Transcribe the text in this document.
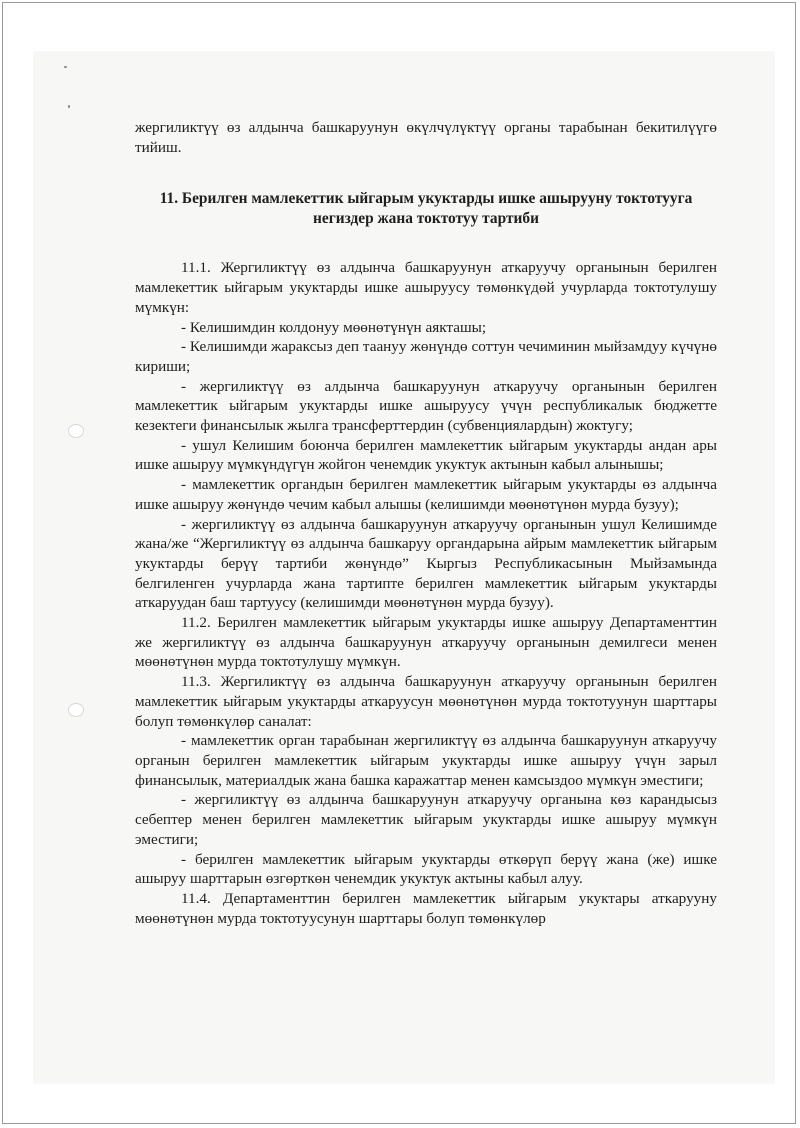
жергиликтүү өз алдынча башкаруунун өкүлчүлүктүү органы тарабынан бекитилүүгө тийиш.

11. Берилген мамлекеттик ыйгарым укуктарды ишке ашырууну токтотууга негиздер жана токтотуу тартиби

11.1. Жергиликтүү өз алдынча башкаруунун аткаруучу органынын берилген мамлекеттик ыйгарым укуктарды ишке ашыруусу төмөнкүдөй учурларда токтотулушу мүмкүн:

- Келишимдин колдонуу мөөнөтүнүн аякташы;

- Келишимди жараксыз деп таануу жөнүндө соттун чечиминин мыйзамдуу күчүнө кириши;

- жергиликтүү өз алдынча башкаруунун аткаруучу органынын берилген мамлекеттик ыйгарым укуктарды ишке ашыруусу үчүн республикалык бюджетте кезектеги финансылык жылга трансферттердин (субвенциялардын) жоктугу;

- ушул Келишим боюнча берилген мамлекеттик ыйгарым укуктарды андан ары ишке ашыруу мүмкүндүгүн жойгон ченемдик укуктук актынын кабыл алынышы;

- мамлекеттик органдын берилген мамлекеттик ыйгарым укуктарды өз алдынча ишке ашыруу жөнүндө чечим кабыл алышы (келишимди мөөнөтүнөн мурда бузуу);

- жергиликтүү өз алдынча башкаруунун аткаруучу органынын ушул Келишимде жана/же “Жергиликтүү өз алдынча башкаруу органдарына айрым мамлекеттик ыйгарым укуктарды берүү тартиби жөнүндө” Кыргыз Республикасынын Мыйзамында белгиленген учурларда жана тартипте берилген мамлекеттик ыйгарым укуктарды аткаруудан баш тартуусу (келишимди мөөнөтүнөн мурда бузуу).

11.2. Берилген мамлекеттик ыйгарым укуктарды ишке ашыруу Департаменттин же жергиликтүү өз алдынча башкаруунун аткаруучу органынын демилгеси менен мөөнөтүнөн мурда токтотулушу мүмкүн.

11.3. Жергиликтүү өз алдынча башкаруунун аткаруучу органынын берилген мамлекеттик ыйгарым укуктарды аткаруусун мөөнөтүнөн мурда токтотуунун шарттары болуп төмөнкүлөр саналат:

- мамлекеттик орган тарабынан жергиликтүү өз алдынча башкаруунун аткаруучу органын берилген мамлекеттик ыйгарым укуктарды ишке ашыруу үчүн зарыл финансылык, материалдык жана башка каражаттар менен камсыздоо мүмкүн эместиги;

- жергиликтүү өз алдынча башкаруунун аткаруучу органына көз карандысыз себептер менен берилген мамлекеттик ыйгарым укуктарды ишке ашыруу мүмкүн эместиги;

- берилген мамлекеттик ыйгарым укуктарды өткөрүп берүү жана (же) ишке ашыруу шарттарын өзгөрткөн ченемдик укуктук актыны кабыл алуу.

11.4. Департаменттин берилген мамлекеттик ыйгарым укуктары аткарууну мөөнөтүнөн мурда токтотуусунун шарттары болуп төмөнкүлөр
